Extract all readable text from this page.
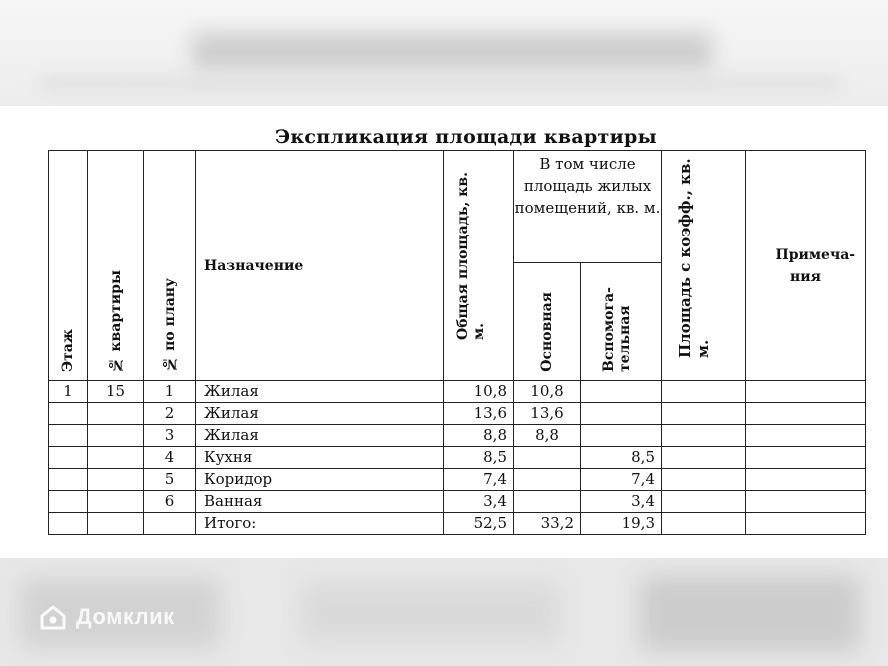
Экспликация площади квартиры
Этаж	№ квартиры	№ по плану	Назначение	Общая площадь, кв. м.	В том числе площадь жилых помещений, кв. м.		Площадь с коэфф., кв. м.	Примеча-ния

					Основная	Вспомога-тельная		

1	15	1	Жилая	10,8	10,8			
		2	Жилая	13,6	13,6			
		3	Жилая	8,8	8,8			
		4	Кухня	8,5		8,5		
		5	Коридор	7,4		7,4		
		6	Ванная	3,4		3,4		
			Итого:	52,5	33,2	19,3		
Домклик
